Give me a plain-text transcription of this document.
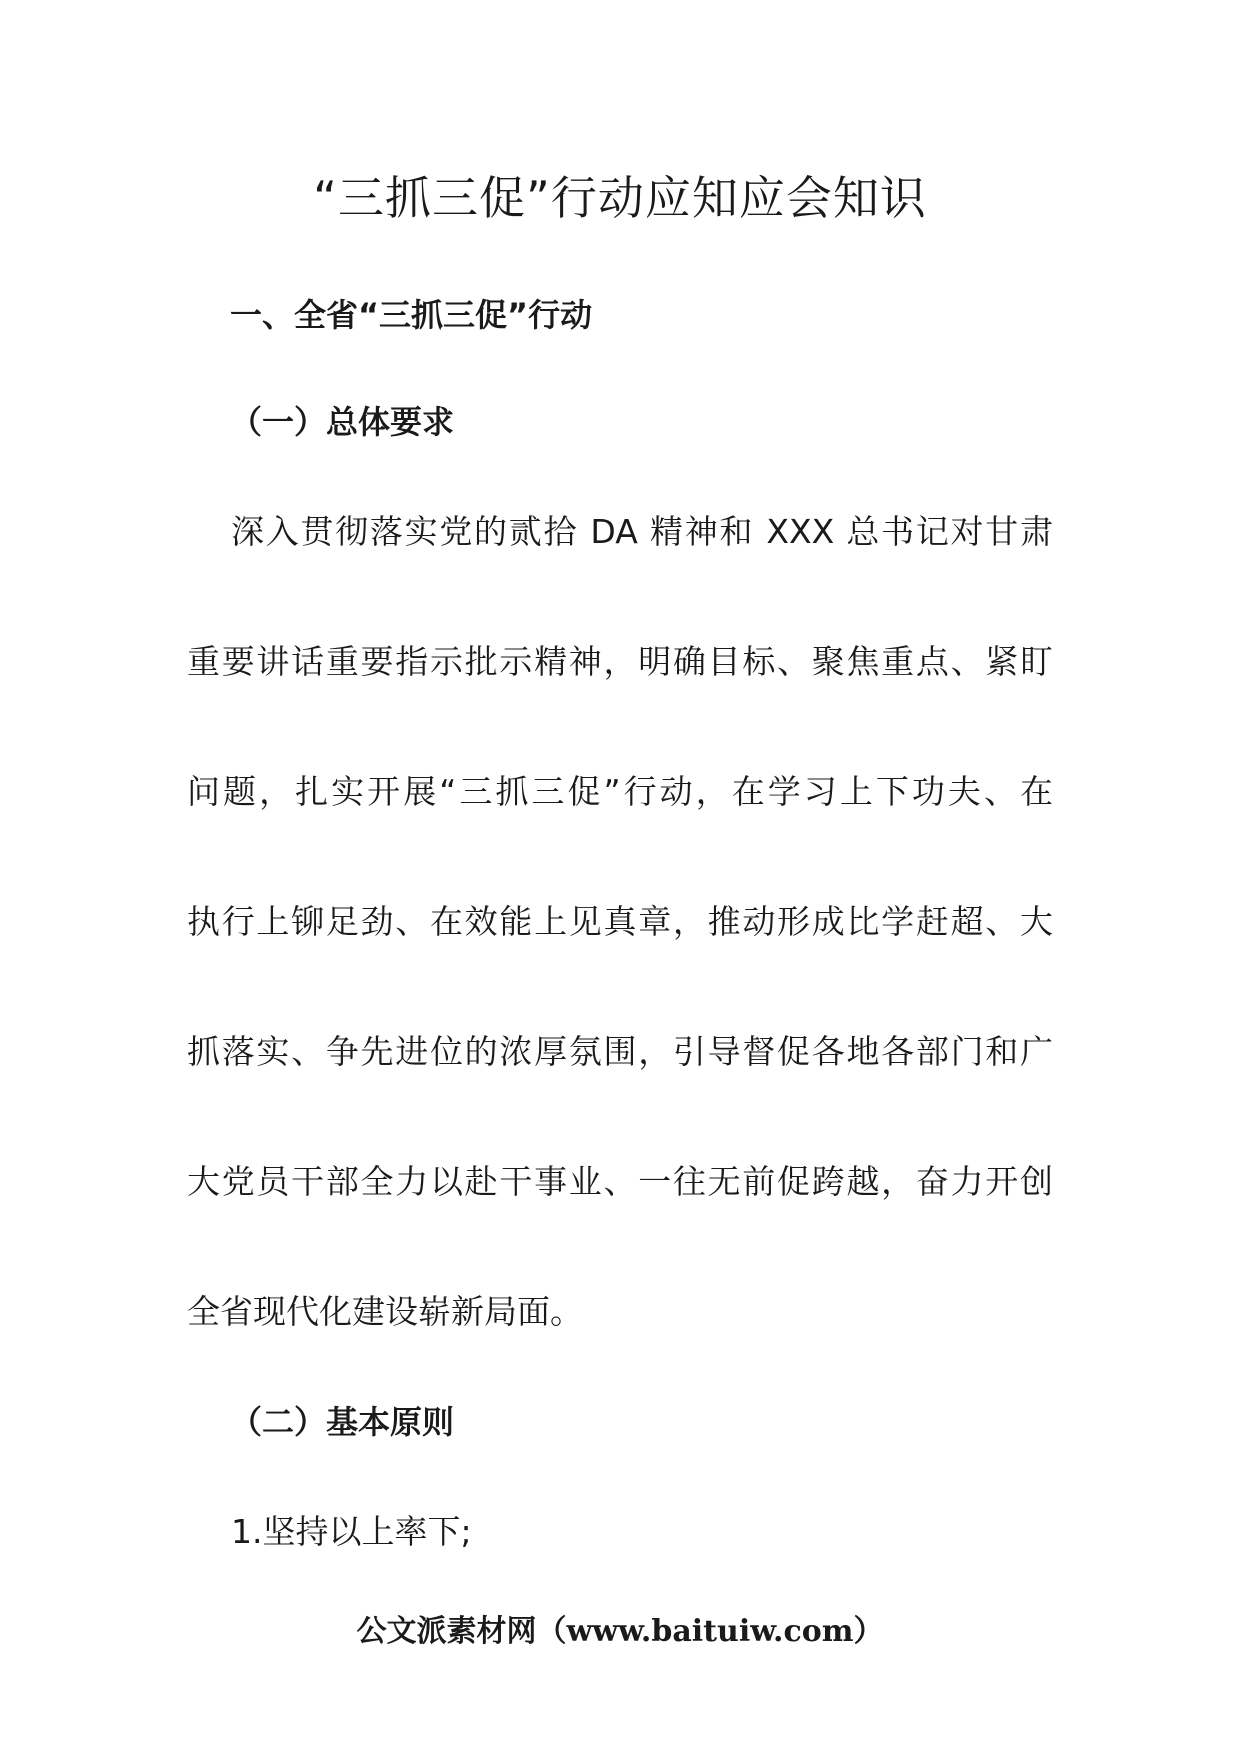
“三抓三促”行动应知应会知识
一、全省“三抓三促”行动
（一）总体要求

深入贯彻落实党的贰拾 DA 精神和 XXX 总书记对甘肃

重要讲话重要指示批示精神，明确目标、聚焦重点、紧盯

问题，扎实开展“三抓三促”行动，在学习上下功夫、在

执行上铆足劲、在效能上见真章，推动形成比学赶超、大

抓落实、争先进位的浓厚氛围，引导督促各地各部门和广

大党员干部全力以赴干事业、一往无前促跨越，奋力开创

全省现代化建设崭新局面。

（二）基本原则

1.坚持以上率下;

公文派素材网（www.baituiw.com）
